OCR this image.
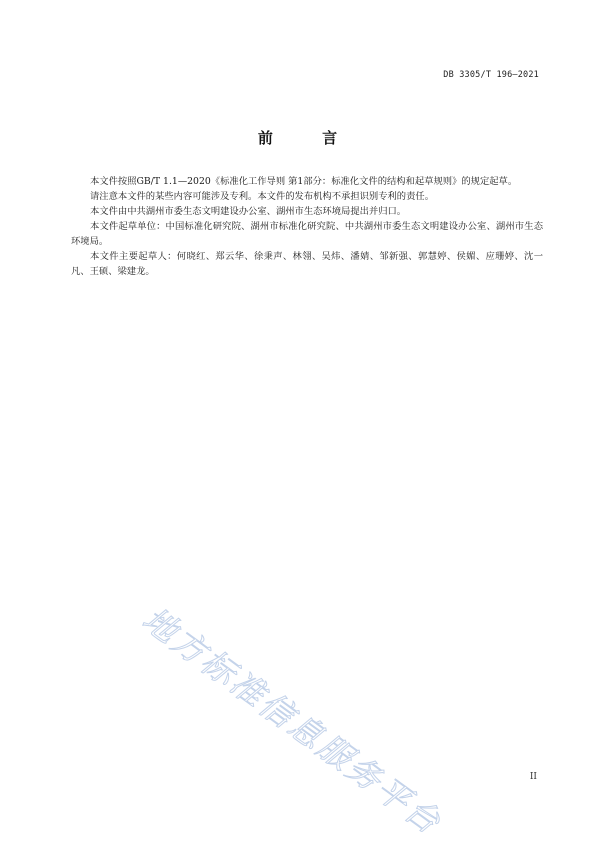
DB 3305/T 196—2021
前 言

本文件按照GB/T 1.1—2020《标准化工作导则 第1部分：标准化文件的结构和起草规则》的规定起草。

请注意本文件的某些内容可能涉及专利。本文件的发布机构不承担识别专利的责任。

本文件由中共湖州市委生态文明建设办公室、湖州市生态环境局提出并归口。

本文件起草单位：中国标准化研究院、湖州市标准化研究院、中共湖州市委生态文明建设办公室、湖州市生态环境局。

本文件主要起草人：何晓红、郑云华、徐秉声、林翎、吴炜、潘婧、邹新强、郭慧婷、侯媚、应珊婷、沈一凡、王硕、梁建龙。

地方标准信息服务平台	II
